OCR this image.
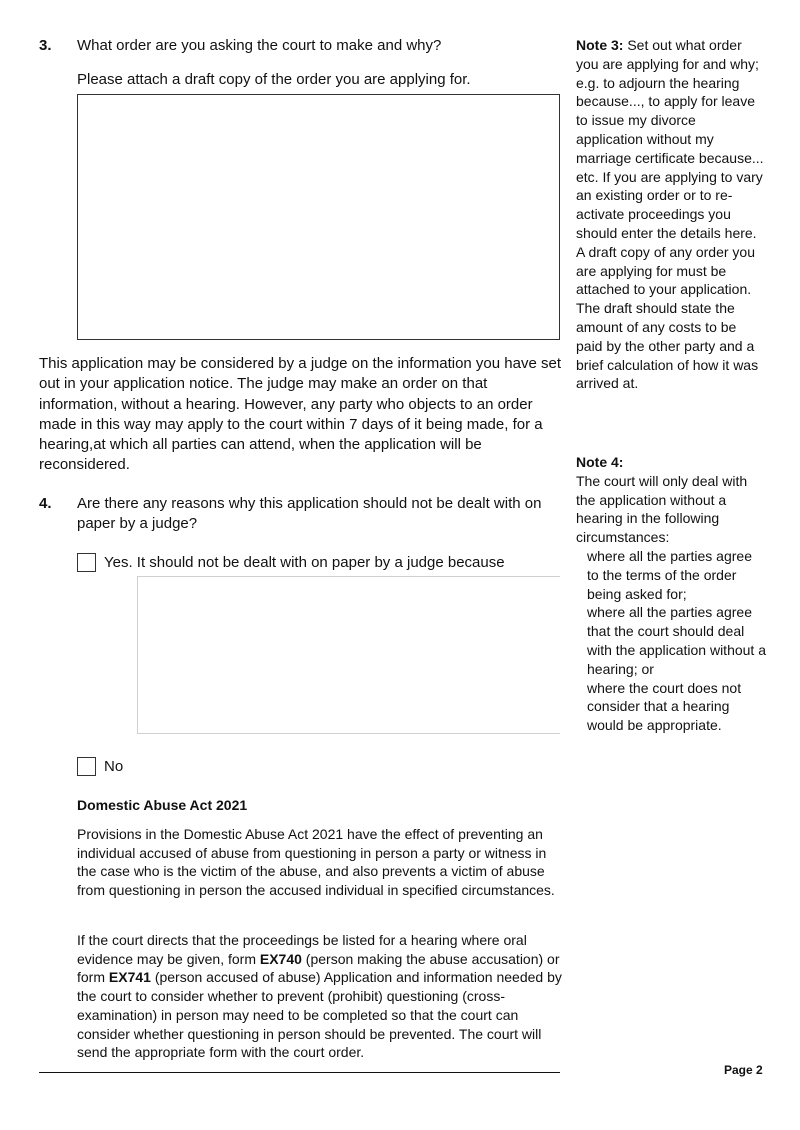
3. What order are you asking the court to make and why?
Please attach a draft copy of the order you are applying for.
This application may be considered by a judge on the information you have set out in your application notice. The judge may make an order on that information, without a hearing. However, any party who objects to an order made in this way may apply to the court within 7 days of it being made, for a hearing,at which all parties can attend, when the application will be reconsidered.
4. Are there any reasons why this application should not be dealt with on paper by a judge?
Yes. It should not be dealt with on paper by a judge because
No
Domestic Abuse Act 2021
Provisions in the Domestic Abuse Act 2021 have the effect of preventing an individual accused of abuse from questioning in person a party or witness in the case who is the victim of the abuse, and also prevents a victim of abuse from questioning in person the accused individual in specified circumstances.
If the court directs that the proceedings be listed for a hearing where oral evidence may be given, form EX740 (person making the abuse accusation) or form EX741 (person accused of abuse) Application and information needed by the court to consider whether to prevent (prohibit) questioning (cross-examination) in person may need to be completed so that the court can consider whether questioning in person should be prevented. The court will send the appropriate form with the court order.
Note 3: Set out what order you are applying for and why; e.g. to adjourn the hearing because..., to apply for leave to issue my divorce application without my marriage certificate because... etc. If you are applying to vary an existing order or to re-activate proceedings you should enter the details here. A draft copy of any order you are applying for must be attached to your application. The draft should state the amount of any costs to be paid by the other party and a brief calculation of how it was arrived at.
Note 4:
The court will only deal with the application without a hearing in the following circumstances:
where all the parties agree to the terms of the order being asked for;
where all the parties agree that the court should deal with the application without a hearing; or
where the court does not consider that a hearing would be appropriate.
Page 2
